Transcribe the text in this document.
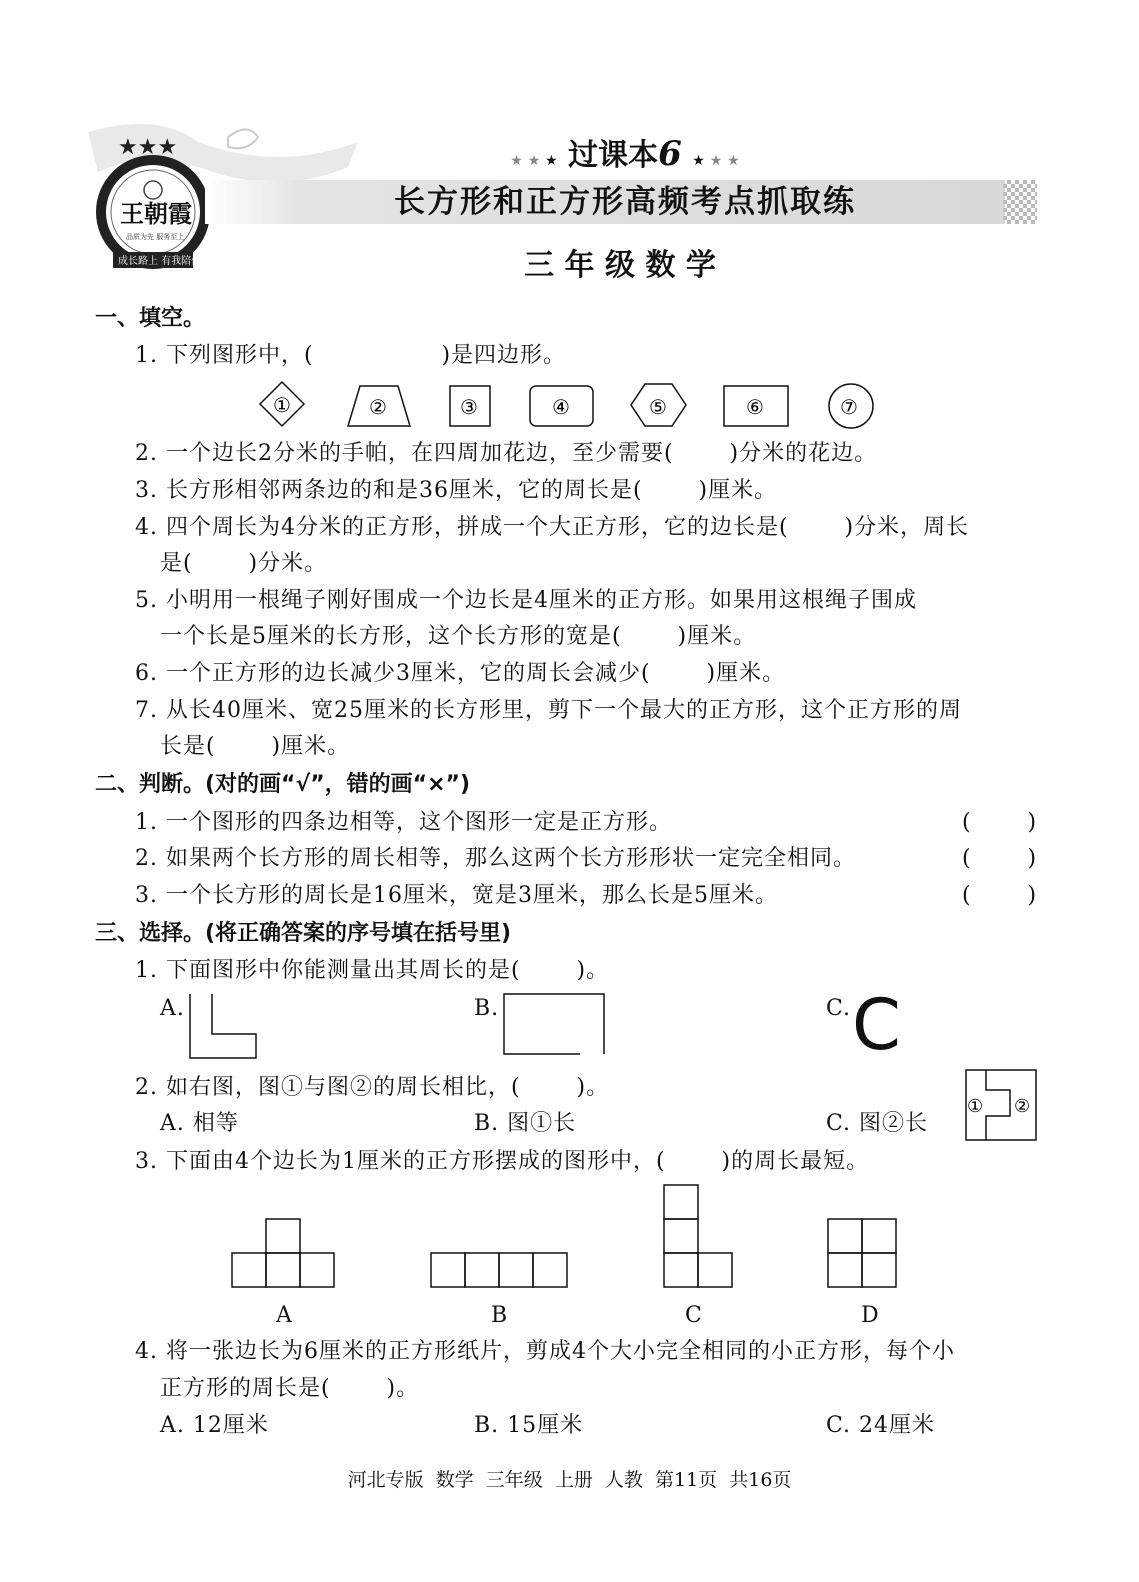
★★★
王朝霞
品质为先 服务至上
成长路上 有我陪伴
★ ★ ★ 过课本6 ★ ★ ★
长方形和正方形高频考点抓取练
三 年 级 数 学
一、填空。
1. 下列图形中，(                )是四边形。
①	②	③	④	⑤	⑥	⑦
2. 一个边长2分米的手帕，在四周加花边，至少需要(       )分米的花边。
3. 长方形相邻两条边的和是36厘米，它的周长是(       )厘米。
4. 四个周长为4分米的正方形，拼成一个大正方形，它的边长是(       )分米，周长
是(       )分米。
5. 小明用一根绳子刚好围成一个边长是4厘米的正方形。如果用这根绳子围成
一个长是5厘米的长方形，这个长方形的宽是(       )厘米。
6. 一个正方形的边长减少3厘米，它的周长会减少(       )厘米。
7. 从长40厘米、宽25厘米的长方形里，剪下一个最大的正方形，这个正方形的周
长是(       )厘米。
二、判断。(对的画“√”，错的画“×”)
1. 一个图形的四条边相等，这个图形一定是正方形。	(       )
2. 如果两个长方形的周长相等，那么这两个长方形形状一定完全相同。	(       )
3. 一个长方形的周长是16厘米，宽是3厘米，那么长是5厘米。	(       )
三、选择。(将正确答案的序号填在括号里)
1. 下面图形中你能测量出其周长的是(       )。
A.	B.	C. C
2. 如右图，图①与图②的周长相比，(       )。
A. 相等	B. 图①长	C. 图②长
① ②
3. 下面由4个边长为1厘米的正方形摆成的图形中，(       )的周长最短。
A	B	C	D
4. 将一张边长为6厘米的正方形纸片，剪成4个大小完全相同的小正方形，每个小
正方形的周长是(       )。
A. 12厘米	B. 15厘米	C. 24厘米
河北专版  数学  三年级  上册  人教  第11页  共16页
